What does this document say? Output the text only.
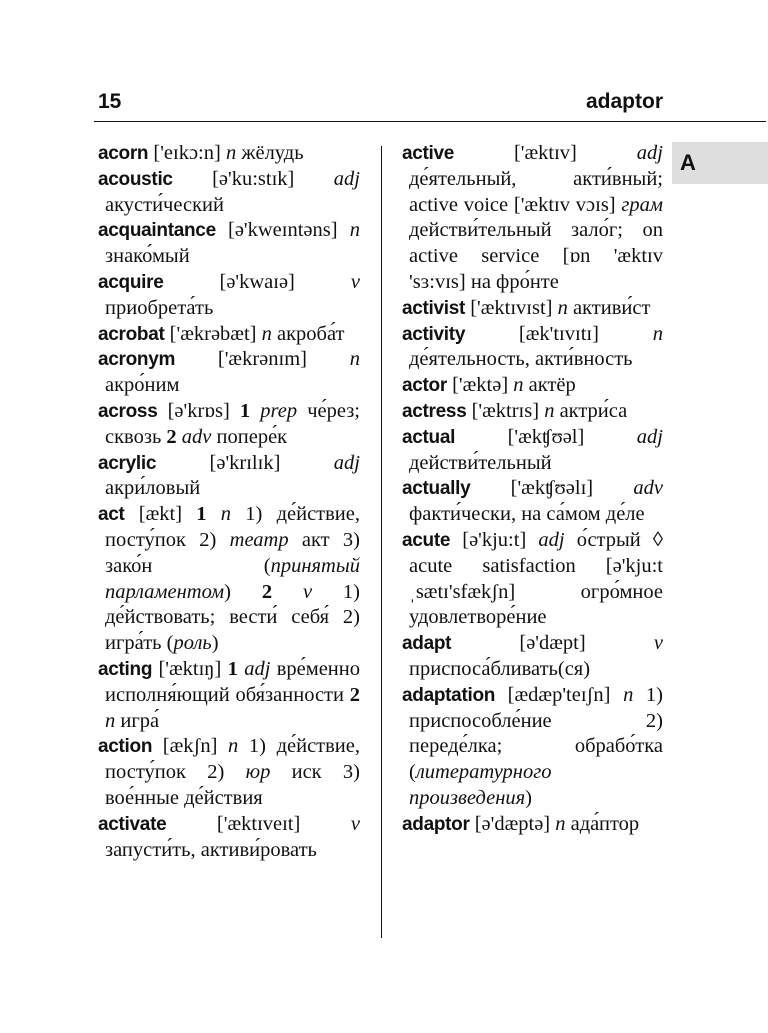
15	adaptor
A

acorn ['eɪkɔ:n] n жёлудь

acoustic [ə'ku:stɪk] adj акусти́ческий

acquaintance [ə'kweɪntəns] n знако́мый

acquire [ə'kwaɪə] v приобрета́ть

acrobat ['ækrəbæt] n акроба́т

acronym ['ækrənɪm] n акро́ним

across [ə'krɒs] 1 prep че́рез; сквозь 2 adv попере́к

acrylic [ə'krɪlɪk] adj акри́ловый

act [ækt] 1 n 1) де́йствие, посту́пок 2) театр акт 3) зако́н (принятый парламентом) 2 v 1) де́йствовать; вести́ себя́ 2) игра́ть (роль)

acting ['æktɪŋ] 1 adj вре́менно исполня́ющий обя́занности 2 n игра́

action [ækʃn] n 1) де́йствие, посту́пок 2) юр иск 3) вое́нные де́йствия

activate ['æktɪveɪt] v запусти́ть, активи́ровать

active ['æktɪv] adj де́ятельный, акти́вный; active voice ['æktɪv vɔɪs] грам действи́тельный зало́г; on active service [ɒn 'æktɪv 'sɜ:vɪs] на фро́нте

activist ['æktɪvɪst] n активи́ст

activity [æk'tɪvɪtɪ] n де́ятельность, акти́вность

actor ['æktə] n актёр

actress ['æktrɪs] n актри́са

actual ['ækʧʊəl] adj действи́тельный

actually ['ækʧʊəlɪ] adv факти́чески, на са́мом де́ле

acute [ə'kju:t] adj о́стрый ◊ acute satisfaction [ə'kju:t ˌsætɪ'sfækʃn] огро́мное удовлетворе́ние

adapt [ə'dæpt] v приспоса́бливать(ся)

adaptation [ædæp'teɪʃn] n 1) приспособле́ние 2) переде́лка; обрабо́тка (литературного произведения)

adaptor [ə'dæptə] n ада́птор
